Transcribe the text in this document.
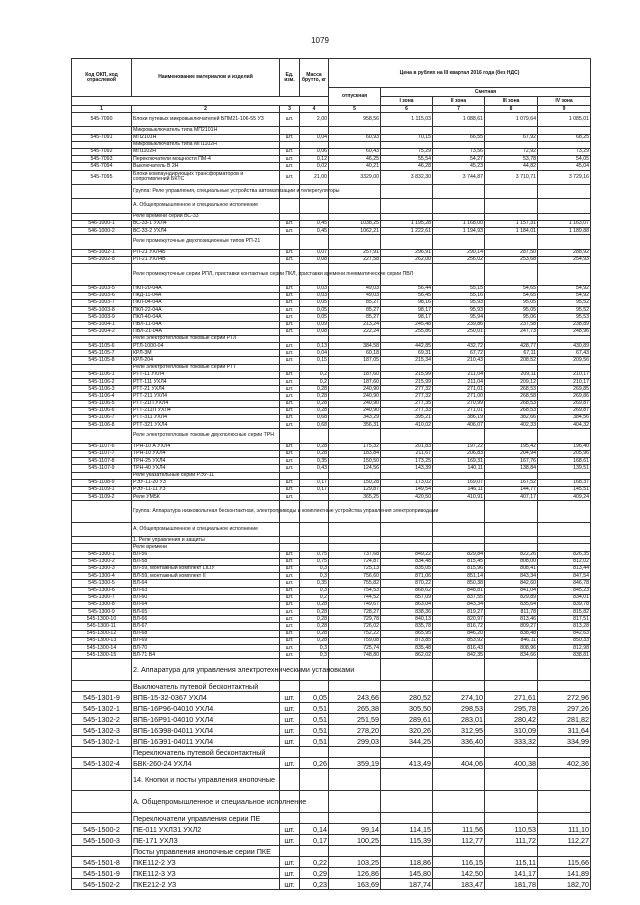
1079
Код ОКП, код отраслевой	Наименование материалов и изделий	Ед. изм.	Масса брутто, кг	Цена в рублях на III квартал 2016 года (без НДС)				
				отпускная	Сметная			
					I зона	II зона	III зона	IV зона
1	2	3	4	5	6	7	8	9
545-7090	Блоки путевых микровыключателей БПМ21-106-55 УЗ	шт.	2,00	958,56	1 115,03	1 088,61	1 079,64	1 085,01
	Микровыключатель типа МП2101Н							
545-7091	МП2101Н	шт.	0,04	60,93	70,15	66,55	67,92	68,25
	Микровыключатель типа МП1102Н							
545-7092	МП1102Н	шт.	0,06	60,43	75,29	73,56	72,92	73,29
545-7093	Переключатели мощности ПМ-4	шт.	0,12	46,25	55,54	54,27	53,78	54,05
545-7094	Выключатель В 2Н	шт.	0,02	40,21	46,28	45,23	44,82	45,04
545-7095	Блоки компаундирующих трансформаторов и сопротивлений БКТС	шт.	21,00	3329,00	3 832,30	3 744,87	3 710,71	3 729,16
	Группа: Реле управления, специальные устройства автоматизации и телерегуляторы							
	А. Общепромышленное и специальное исполнение							
	Реле времени серии ВС-33							
546-1000-1	ВС-33-1 УХЛ4	шт.	0,45	1038,25	1 195,28	1 168,00	1 157,31	1 163,07
546-1000-2	ВС-33-2 УХЛ4	шт.	0,45	1062,21	1 222,61	1 194,93	1 184,01	1 189,88
	Реле промежуточные двухпозиционные типов РП-21							
545-1002-1	РП-21 УХЛ4Б	шт.	0,07	257,91	296,91	290,14	287,50	288,92
545-1002-8	РП-21 УХЛ4В	шт.	0,08	227,58	262,00	256,02	253,68	254,93
	Реле промежуточные серии РПЛ, приставки контактные серии ПКЛ, приставки времени пневматические серии ПВЛ							
545-1003-5	ПКЛ-20-04А	шт.	0,03	49,03	56,44	55,15	54,65	54,92
545-1003-6	ПКД-11-04А	шт.	0,03	49,03	56,45	55,16	54,65	54,92
545-1003-7	ПКЛ-04-04А	шт.	0,05	85,27	98,16	95,93	95,05	95,52
545-1003-8	ПКЛ-22-04А	шт.	0,05	85,27	98,17	95,93	95,05	95,52
545-1003-9	ПКЛ-40-04А	шт.	0,05	85,27	98,17	95,94	95,06	95,53
545-1004-1	ПВЛ-11-04А	шт.	0,09	213,24	245,48	239,86	237,58	238,89
545-1004-2	ПВЛ-21-04А	шт.	0,08	222,24	255,86	250,01	247,73	248,96
	Реле электротепловые токовые серии РТЛ							
545-1105-6	РТЛ-1000-04	шт.	0,13	384,58	442,85	432,72	428,77	430,89
545-1105-7	КРЛ-3М	шт.	0,04	60,18	69,31	67,72	67,11	67,43
545-1105-8	КРЛ-204	шт.	0,15	187,05	215,34	210,43	208,52	209,56
	Реле электротепловые токовые серии РТТ							
545-1106-1	РТТ-11 УХЛ4	шт.	0,2	187,60	215,99	211,04	209,11	210,17
545-1106-2	РТТ-111 УХЛ4	шт.	0,2	187,60	215,99	211,04	209,12	210,17
545-1106-3	РТТ-21 УХЛ4	шт.	0,28	240,90	277,32	271,01	268,53	269,85
545-1106-4	РТТ-211 УХЛ4	шт.	0,28	240,90	277,32	271,00	268,58	269,86
545-1106-5	РТТ-21П УХЛ4	шт.	0,28	240,90	277,35	270,99	268,53	269,87
545-1106-6	РТТ-211П УХЛ4	шт.	0,28	240,90	277,33	271,01	268,53	269,87
545-1106-7	РТТ-311 УХЛ4	шт.	0,68	343,29	395,21	386,19	382,66	384,56
545-1106-8	РТТ-321 УХЛ4	шт.	0,68	356,31	410,02	406,07	402,33	404,32
	Реле электротепловые токовые двухполюсные серии ТРН							
545-1107-6	ТРН-10 А УХЛ4	шт.	0,28	175,32	201,83	197,22	195,42	196,40
545-1107-7	ТРН-10 УХЛ4	шт.	0,28	183,84	211,67	206,83	204,94	205,96
545-1107-8	ТРН-25 УХЛ4	шт.	0,35	150,50	173,25	169,31	167,76	168,61
545-1107-9	ТРН-40 УХЛ4	шт.	0,43	124,56	143,39	140,11	138,84	139,51
	Реле указательные серии РЭУ-11							
545-1108-9	РЭУ-11-20 УЗ	шт.	0,17	150,28	173,02	169,07	167,52	168,37
545-1109-1	РЭУ-11-11 УЗ	шт.	0,17	129,87	149,54	146,11	144,77	145,51
545-1109-2	Реле УМ5К	шт.		365,25	420,50	410,91	407,17	409,24
	Группа: Аппаратура низковольтная бесконтактная, электроприводы и комплектные устройства управления электроприводами							
	А. Общепромышленное и специальное исполнение							
	1. Реле управления и защиты							
	Реле времени							
545-1300-1	ВЛ-56	шт.	0,75	737,68	849,22	829,84	822,26	826,35
545-1300-2	ВЛ-58	шт.	0,75	724,87	834,48	815,45	808,00	812,02
545-1300-3	ВЛ-59, монтажный комплект LILIУ	шт.	0,3	725,13	835,05	815,96	808,41	813,44
545-1300-4	ВЛ-59, монтажный комплект II	шт.	0,3	756,60	871,06	851,14	843,34	847,54
545-1300-5	ВЛ-64	шт.	0,35	755,82	870,22	850,38	842,60	846,78
545-1300-6	ВЛ-63	шт.	0,3	754,53	868,62	848,81	841,04	845,23
545-1300-7	ВЛ-60	шт.	0,2	744,52	857,09	837,55	829,89	834,01
545-1300-8	ВЛ-64	шт.	0,28	749,67	863,04	843,34	835,64	839,78
545-1300-9	ВЛ-65	шт.	0,28	728,27	838,36	819,27	811,78	815,82
545-1300-10	ВЛ-66	шт.	0,28	729,78	840,13	820,97	813,46	817,51
545-1300-11	ВЛ-67	шт.	0,28	726,02	835,78	816,72	809,27	813,28
545-1300-12	ВЛ-68	шт.	0,28	752,22	865,95	846,20	838,48	842,63
545-1300-13	ВЛ-69	шт.	0,28	759,08	873,85	853,92	846,11	850,33
545-1300-14	ВЛ-70	шт.	0,3	725,74	835,48	816,43	808,96	812,98
545-1300-15	ВЛ-71 В4	шт.	0,3	748,80	862,02	842,35	834,66	838,81
	2. Аппаратура для управления электротехническими установками							
	Выключатель путевой бесконтактный							
545-1301-9	ВПБ-15-32-0367 УХЛ4	шт.	0,05	243,66	280,52	274,10	271,61	272,96
545-1302-1	ВПБ-16Р96-04010 УХЛ4	шт.	0,51	265,38	305,50	298,53	295,78	297,26
545-1302-2	ВПБ-16Р91-04010 УХЛ4	шт.	0,51	251,59	289,61	283,01	280,42	281,82
545-1302-3	ВПБ-16Э98-04011 УХЛ4	шт.	0,51	278,20	320,26	312,95	310,09	311,64
545-1302-1	ВПБ-16Э91-04011 УХЛ4	шт.	0,51	299,03	344,25	336,40	333,32	334,99
	Переключатель путевой бесконтактный							
545-1302-4	БВК-260-24 УХЛ4	шт.	0,26	359,19	413,49	404,06	400,38	402,36
	14. Кнопки и посты управления кнопочные							
	А. Общепромышленное и специальное исполнение							
	Переключатели управления серии ПЕ							
545-1500-2	ПЕ-011 УХЛЗ1 УХЛ2	шт.	0,14	99,14	114,15	111,56	110,53	111,10
545-1500-3	ПЕ-171 УХЛЗ	шт.	0,17	100,25	115,39	112,77	111,72	112,27
	Посты управления кнопочные серии ПКЕ							
545-1501-8	ПКЕ112-2 УЗ	шт.	0,22	103,25	118,86	116,15	115,11	115,66
545-1501-9	ПКЕ112-3 УЗ	шт.	0,29	126,86	145,80	142,50	141,17	141,89
545-1502-2	ПКЕ212-2 УЗ	шт.	0,23	163,69	187,74	183,47	181,78	182,70
